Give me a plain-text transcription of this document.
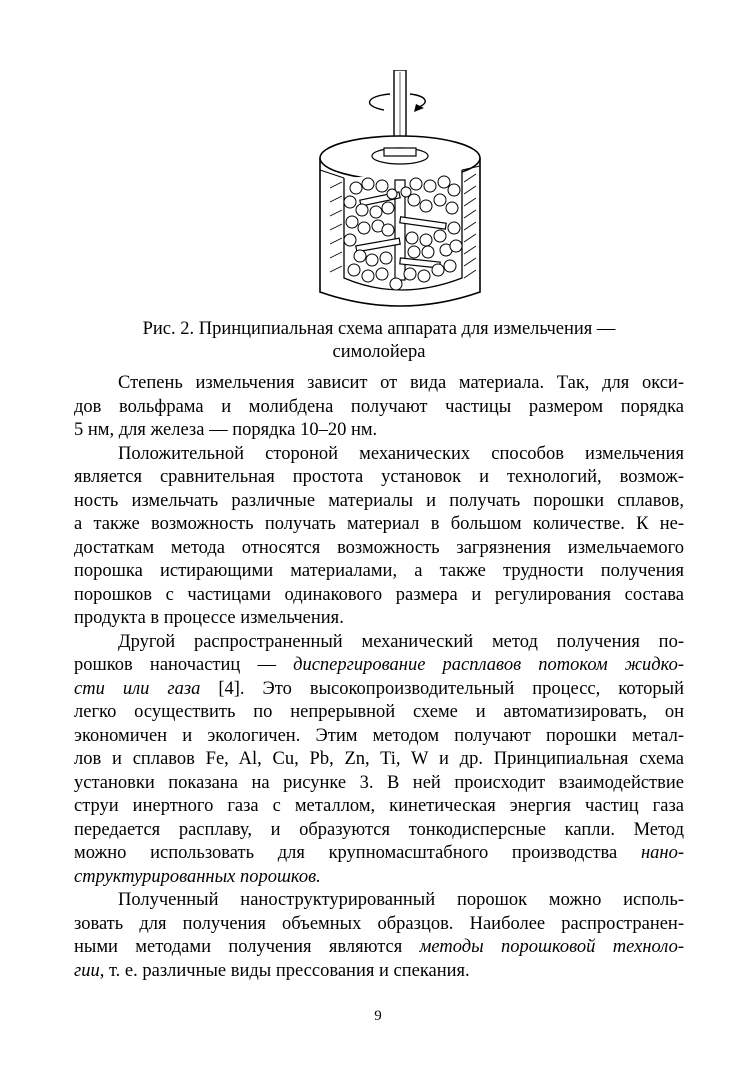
Рис. 2. Принципиальная схема аппарата для измельчения —
симолойера
Степень измельчения зависит от вида материала. Так, для окси-
дов вольфрама и молибдена получают частицы размером порядка
5 нм, для железа — порядка 10–20 нм.
Положительной стороной механических способов измельчения
является сравнительная простота установок и технологий, возмож-
ность измельчать различные материалы и получать порошки сплавов,
а также возможность получать материал в большом количестве. К не-
достаткам метода относятся возможность загрязнения измельчаемого
порошка истирающими материалами, а также трудности получения
порошков с частицами одинакового размера и регулирования состава
продукта в процессе измельчения.
Другой распространенный механический метод получения по-
рошков наночастиц — диспергирование расплавов потоком жидко-
сти или газа [4]. Это высокопроизводительный процесс, который
легко осуществить по непрерывной схеме и автоматизировать, он
экономичен и экологичен. Этим методом получают порошки метал-
лов и сплавов Fe, Al, Cu, Pb, Zn, Ti, W и др. Принципиальная схема
установки показана на рисунке 3. В ней происходит взаимодействие
струи инертного газа с металлом, кинетическая энергия частиц газа
передается расплаву, и образуются тонкодисперсные капли. Метод
можно использовать для крупномасштабного производства нано-
структурированных порошков.
Полученный наноструктурированный порошок можно исполь-
зовать для получения объемных образцов. Наиболее распространен-
ными методами получения являются методы порошковой техноло-
гии, т. е. различные виды прессования и спекания.
9
